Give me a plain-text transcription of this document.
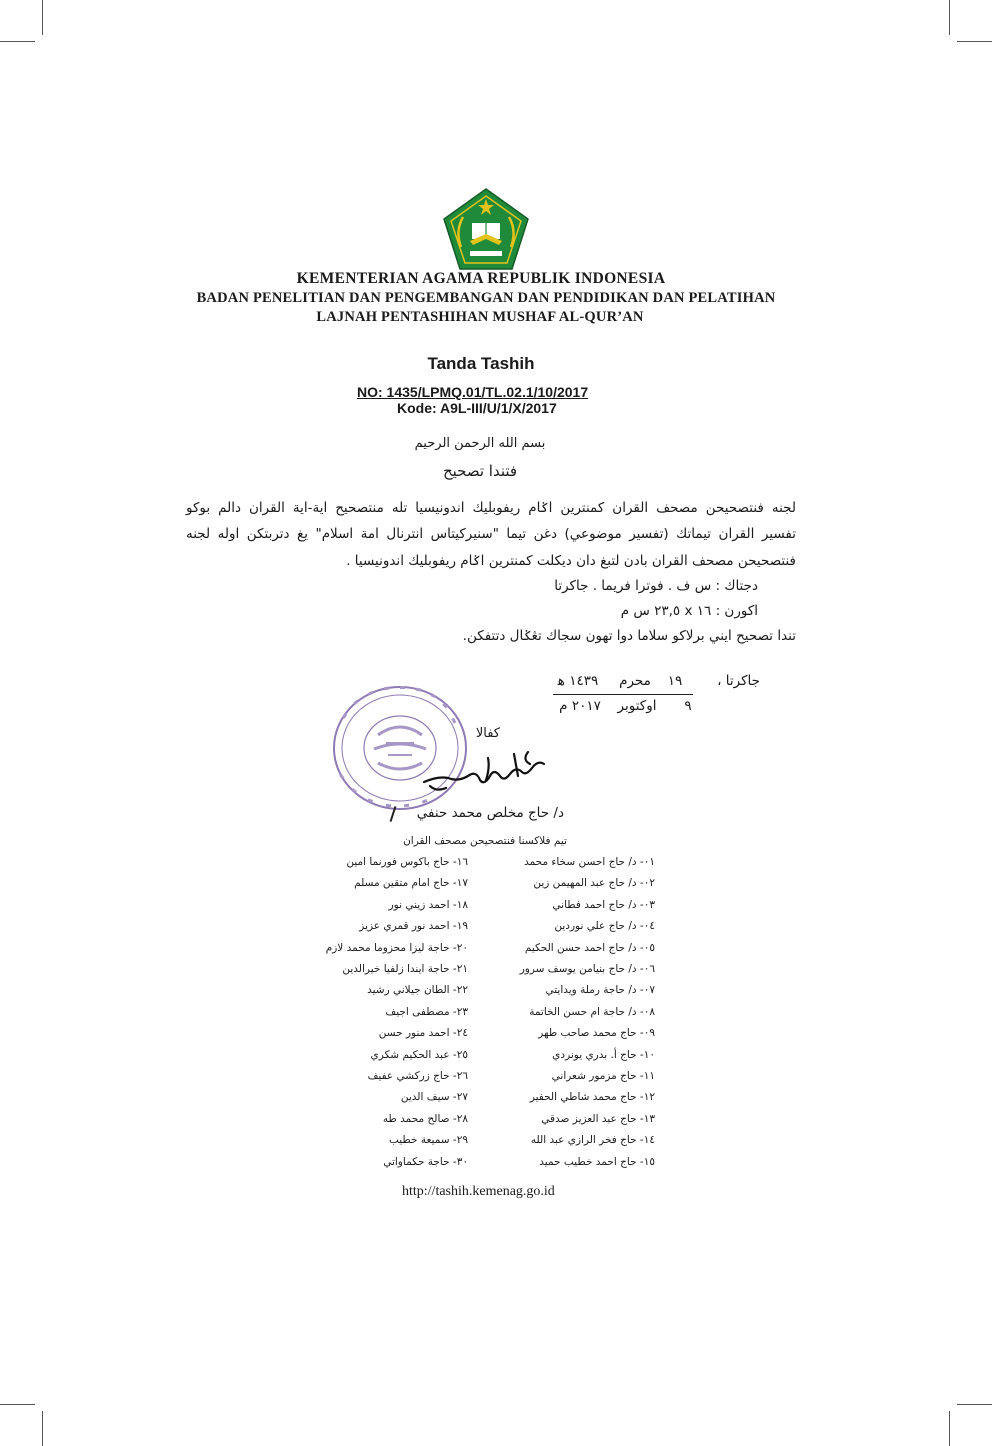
KEMENTERIAN AGAMA REPUBLIK INDONESIA
BADAN PENELITIAN DAN PENGEMBANGAN DAN PENDIDIKAN DAN PELATIHAN
LAJNAH PENTASHIHAN MUSHAF AL-QUR’AN
Tanda Tashih
NO: 1435/LPMQ.01/TL.02.1/10/2017
Kode: A9L-III/U/1/X/2017
بسم الله الرحمن الرحيم
فتندا تصحيح
لجنه فنتصحيحن مصحف القران كمنترين اݢام ريفوبليك اندونيسيا تله منتصحيح اية-اية القران دالم بوكو
تفسير القران تيماتك (تفسير موضوعي) دغن تيما "سنيركيتاس انترنال امة اسلام" يغ دتربتكن اوله لجنه
فنتصحيحن مصحف القران بادن لتبغ دان ديكلت كمنترين اݢام ريفوبليك اندونيسيا .
دجتاك : س ف . فوترا فريما . جاكرتا
اكورن : ١٦ x ٢٣,٥ س م
تندا تصحيح ايني برلاكو سلاما دوا تهون سجاك تڠݢال دتتفكن.
جاكرتا ،
١٩
محرم
١٤٣٩ ﻫ
٩
اوكتوبر
٢٠١٧ م
كفالا
د/ حاج مخلص محمد حنفي
تيم فلاكسنا فنتصحيحن مصحف القران
٠١- د/ حاج احسن سخاء محمد
٠٢- د/ حاج عبد المهيمن زين
٠٣- د/ حاج احمد فطاني
٠٤- د/ حاج علي نوردين
٠٥- د/ حاج احمد حسن الحكيم
٠٦- د/ حاج بنيامن يوسف سرور
٠٧- د/ حاجة رملة ويدايتي
٠٨- د/ حاجة ام حسن الخاتمة
٠٩- حاج محمد صاحب طهر
١٠- حاج أ. بدري يونردي
١١- حاج مزمور شعراني
١٢- حاج محمد شاطي الحفير
١٣- حاج عبد العزيز صدقي
١٤- حاج فخر الرازي عبد الله
١٥- حاج احمد خطيب حميد
١٦- حاج باكوس فورنما امين
١٧- حاج امام متقين مسلم
١٨- احمد زيني نور
١٩- احمد نور قمري عزيز
٢٠- حاجة ليزا محزوما محمد لازم
٢١- حاجة ايندا زلفيا خيرالدين
٢٢- الطان جيلاني رشيد
٢٣- مصطفى اجيف
٢٤- احمد منور حسن
٢٥- عبد الحكيم شكري
٢٦- حاج زركشي عفيف
٢٧- سيف الدين
٢٨- صالح محمد طه
٢٩- سميعة خطيب
٣٠- حاجة حكماواتي
http://tashih.kemenag.go.id
